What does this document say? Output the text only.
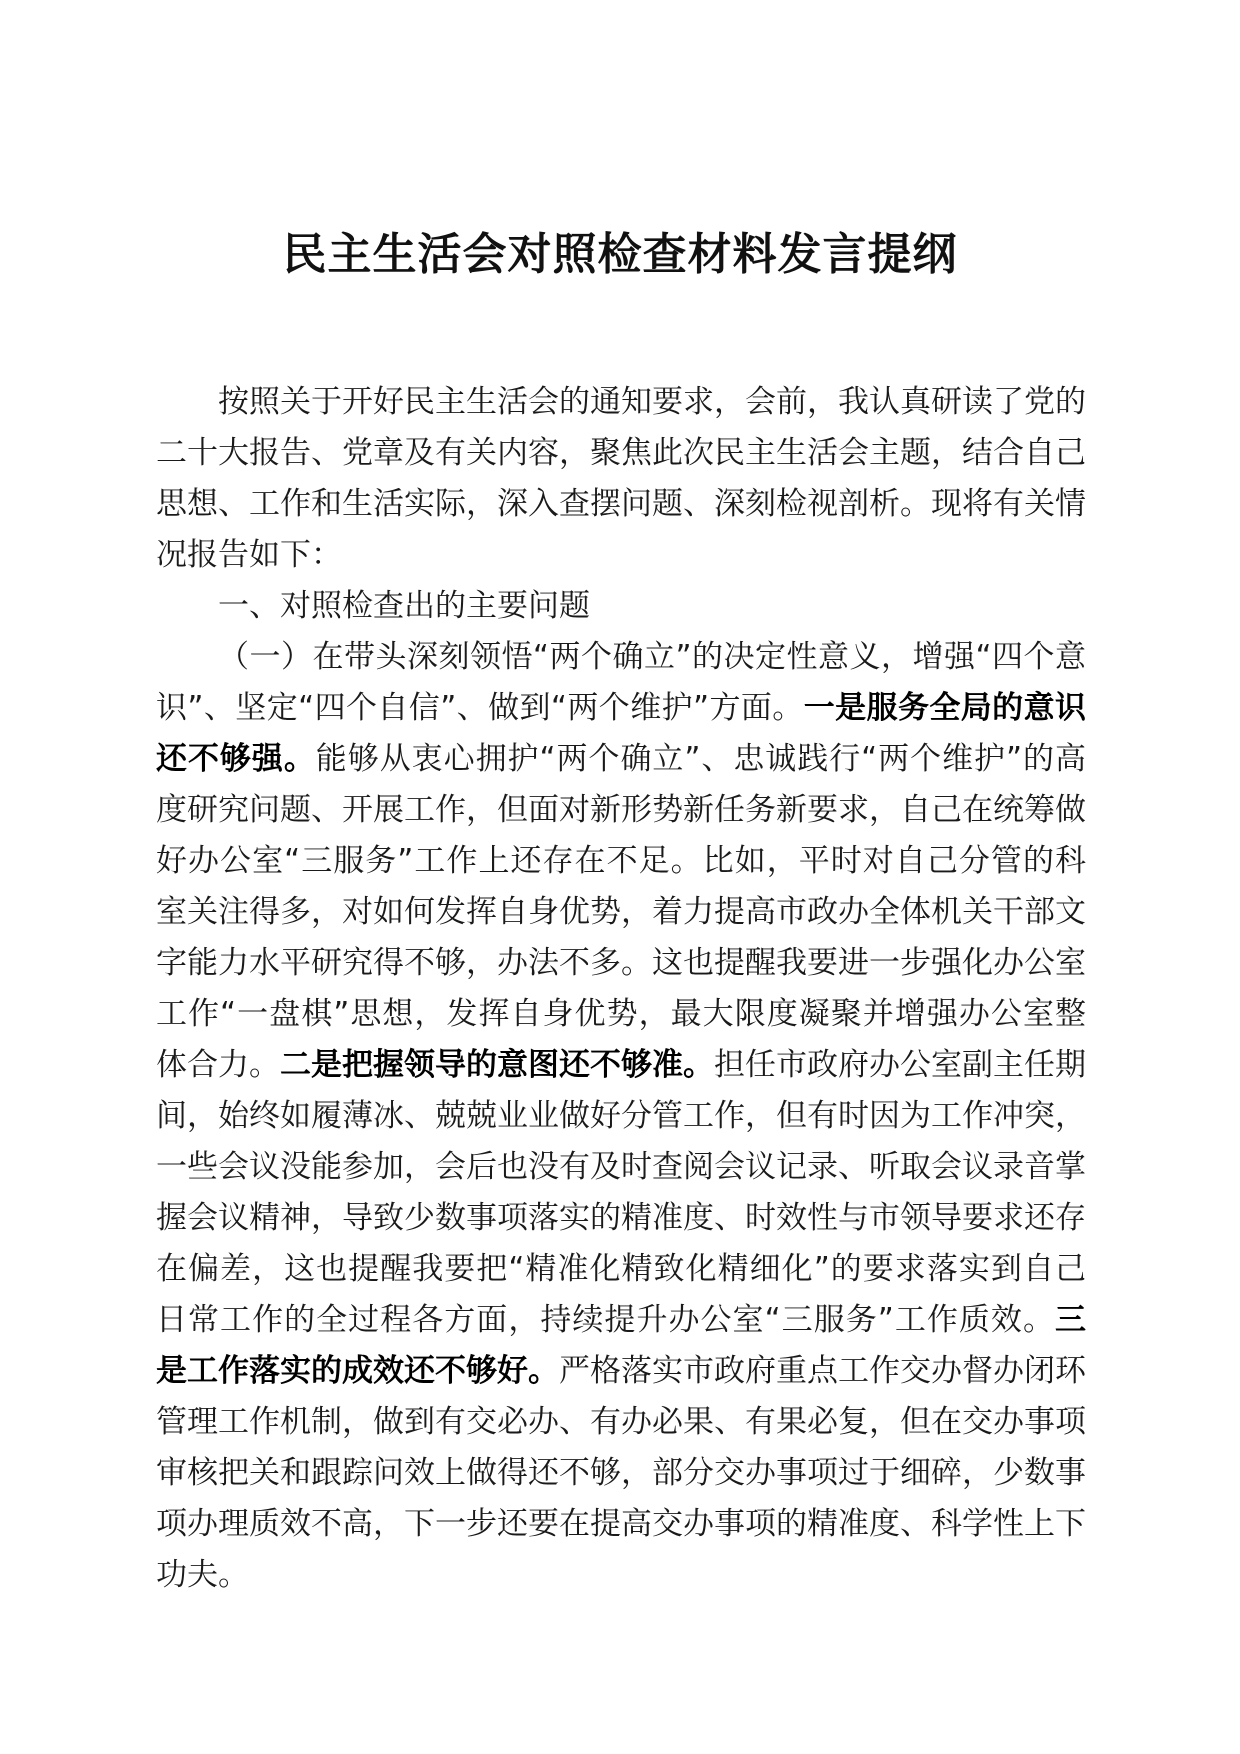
民主生活会对照检查材料发言提纲

按照关于开好民主生活会的通知要求，会前，我认真研读了党的二十大报告、党章及有关内容，聚焦此次民主生活会主题，结合自己思想、工作和生活实际，深入查摆问题、深刻检视剖析。现将有关情况报告如下：

一、对照检查出的主要问题

（一）在带头深刻领悟“两个确立”的决定性意义，增强“四个意识”、坚定“四个自信”、做到“两个维护”方面。一是服务全局的意识还不够强。能够从衷心拥护“两个确立”、忠诚践行“两个维护”的高度研究问题、开展工作，但面对新形势新任务新要求，自己在统筹做好办公室“三服务”工作上还存在不足。比如，平时对自己分管的科室关注得多，对如何发挥自身优势，着力提高市政办全体机关干部文字能力水平研究得不够，办法不多。这也提醒我要进一步强化办公室工作“一盘棋”思想，发挥自身优势，最大限度凝聚并增强办公室整体合力。二是把握领导的意图还不够准。担任市政府办公室副主任期间，始终如履薄冰、兢兢业业做好分管工作，但有时因为工作冲突，一些会议没能参加，会后也没有及时查阅会议记录、听取会议录音掌握会议精神，导致少数事项落实的精准度、时效性与市领导要求还存在偏差，这也提醒我要把“精准化精致化精细化”的要求落实到自己日常工作的全过程各方面，持续提升办公室“三服务”工作质效。三是工作落实的成效还不够好。严格落实市政府重点工作交办督办闭环管理工作机制，做到有交必办、有办必果、有果必复，但在交办事项审核把关和跟踪问效上做得还不够，部分交办事项过于细碎，少数事项办理质效不高，下一步还要在提高交办事项的精准度、科学性上下功夫。
